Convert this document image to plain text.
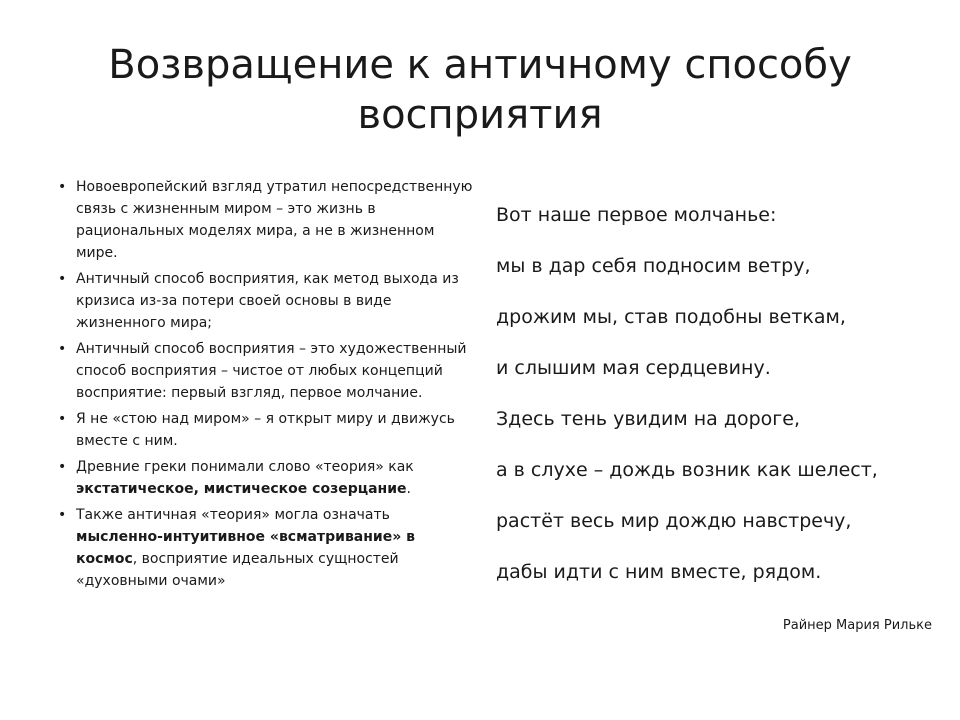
Возвращение к античному способу
восприятия
• Новоевропейский взгляд утратил непосредственную связь с жизненным миром – это жизнь в рациональных моделях мира, а не в жизненном мире.
• Античный способ восприятия, как метод выхода из кризиса из-за потери своей основы в виде жизненного мира;
• Античный способ восприятия – это художественный способ восприятия – чистое от любых концепций восприятие: первый взгляд, первое молчание.
• Я не «стою над миром» – я открыт миру и движусь вместе с ним.
• Древние греки понимали слово «теория» как экстатическое, мистическое созерцание.
• Также античная «теория» могла означать мысленно-интуитивное «всматривание» в космос, восприятие идеальных сущностей «духовными очами»
Вот наше первое молчанье:
мы в дар себя подносим ветру,
дрожим мы, став подобны веткам,
и слышим мая сердцевину.
Здесь тень увидим на дороге,
а в слухе – дождь возник как шелест,
растёт весь мир дождю навстречу,
дабы идти с ним вместе, рядом.
Райнер Мария Рильке
